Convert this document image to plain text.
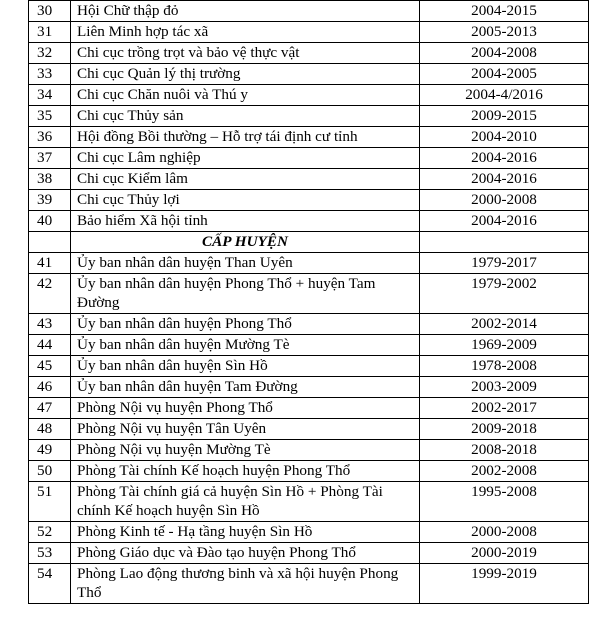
30	Hội Chữ thập đỏ	2004-2015
31	Liên Minh hợp tác xã	2005-2013
32	Chi cục trồng trọt và bảo vệ thực vật	2004-2008
33	Chi cục Quản lý thị trường	2004-2005
34	Chi cục Chăn nuôi và Thú y	2004-4/2016
35	Chi cục Thủy sản	2009-2015
36	Hội đồng Bồi thường – Hỗ trợ tái định cư tỉnh	2004-2010
37	Chi cục Lâm nghiệp	2004-2016
38	Chi cục Kiểm lâm	2004-2016
39	Chi cục Thủy lợi	2000-2008
40	Bảo hiểm Xã hội tỉnh	2004-2016
	CẤP HUYỆN	
41	Ủy ban nhân dân huyện Than Uyên	1979-2017
42	Ủy ban nhân dân huyện Phong Thổ + huyện Tam Đường	1979-2002
43	Ủy ban nhân dân huyện Phong Thổ	2002-2014
44	Ủy ban nhân dân huyện Mường Tè	1969-2009
45	Ủy ban nhân dân huyện Sìn Hồ	1978-2008
46	Ủy ban nhân dân huyện Tam Đường	2003-2009
47	Phòng Nội vụ huyện Phong Thổ	2002-2017
48	Phòng Nội vụ huyện Tân Uyên	2009-2018
49	Phòng Nội vụ huyện Mường Tè	2008-2018
50	Phòng Tài chính Kế hoạch huyện Phong Thổ	2002-2008
51	Phòng Tài chính giá cả huyện Sìn Hồ + Phòng Tài chính Kế hoạch huyện Sìn Hồ	1995-2008
52	Phòng Kinh tế - Hạ tầng huyện Sìn Hồ	2000-2008
53	Phòng Giáo dục và Đào tạo huyện Phong Thổ	2000-2019
54	Phòng Lao động thương binh và xã hội huyện Phong Thổ	1999-2019
